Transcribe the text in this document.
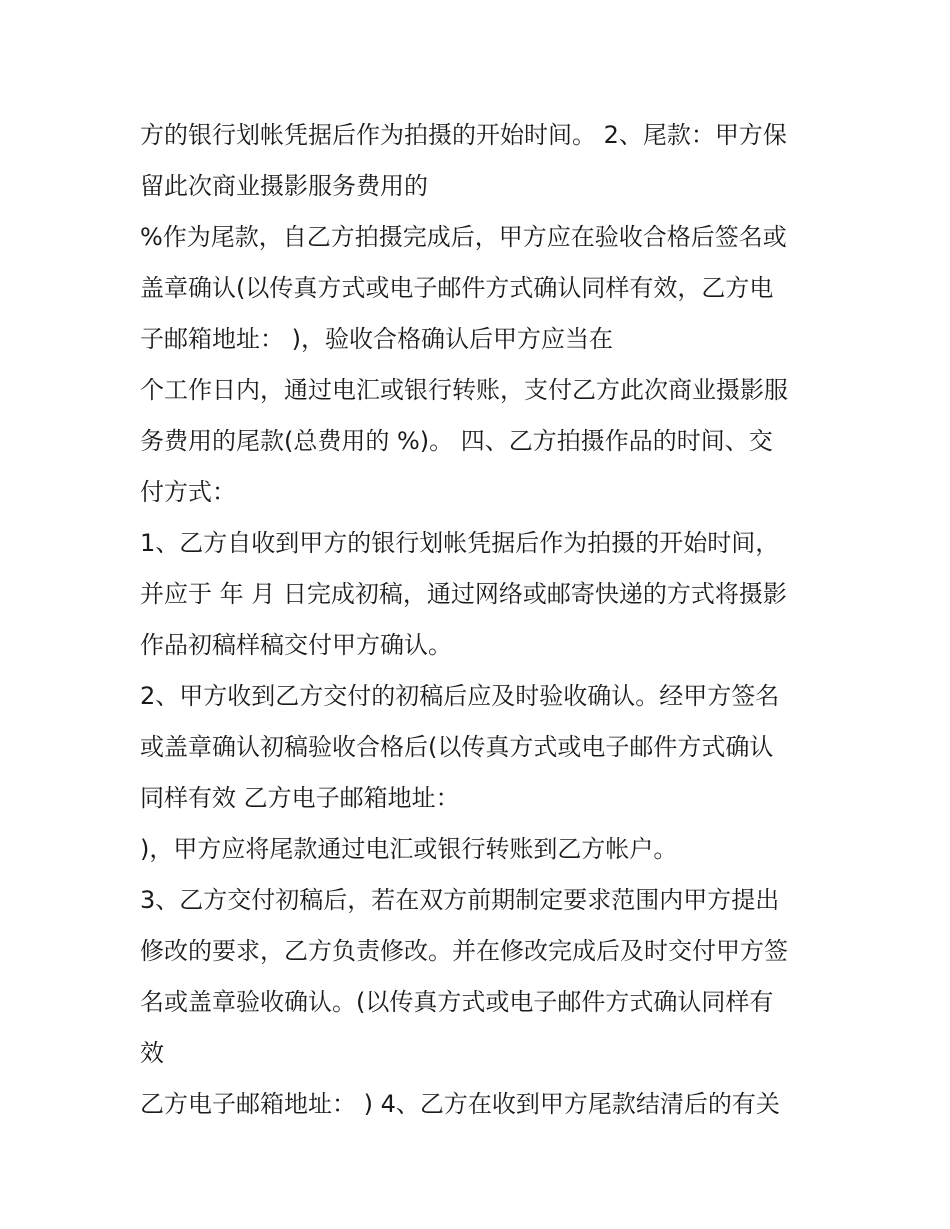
方的银行划帐凭据后作为拍摄的开始时间。 2、尾款：甲方保
留此次商业摄影服务费用的
%作为尾款，自乙方拍摄完成后，甲方应在验收合格后签名或
盖章确认(以传真方式或电子邮件方式确认同样有效，乙方电
子邮箱地址： )，验收合格确认后甲方应当在
个工作日内，通过电汇或银行转账，支付乙方此次商业摄影服
务费用的尾款(总费用的 %)。 四、乙方拍摄作品的时间、交
付方式：
1、乙方自收到甲方的银行划帐凭据后作为拍摄的开始时间，
并应于 年 月 日完成初稿，通过网络或邮寄快递的方式将摄影
作品初稿样稿交付甲方确认。
2、甲方收到乙方交付的初稿后应及时验收确认。经甲方签名
或盖章确认初稿验收合格后(以传真方式或电子邮件方式确认
同样有效 乙方电子邮箱地址：
)，甲方应将尾款通过电汇或银行转账到乙方帐户。
3、乙方交付初稿后，若在双方前期制定要求范围内甲方提出
修改的要求，乙方负责修改。并在修改完成后及时交付甲方签
名或盖章验收确认。(以传真方式或电子邮件方式确认同样有
效
乙方电子邮箱地址： ) 4、乙方在收到甲方尾款结清后的有关
